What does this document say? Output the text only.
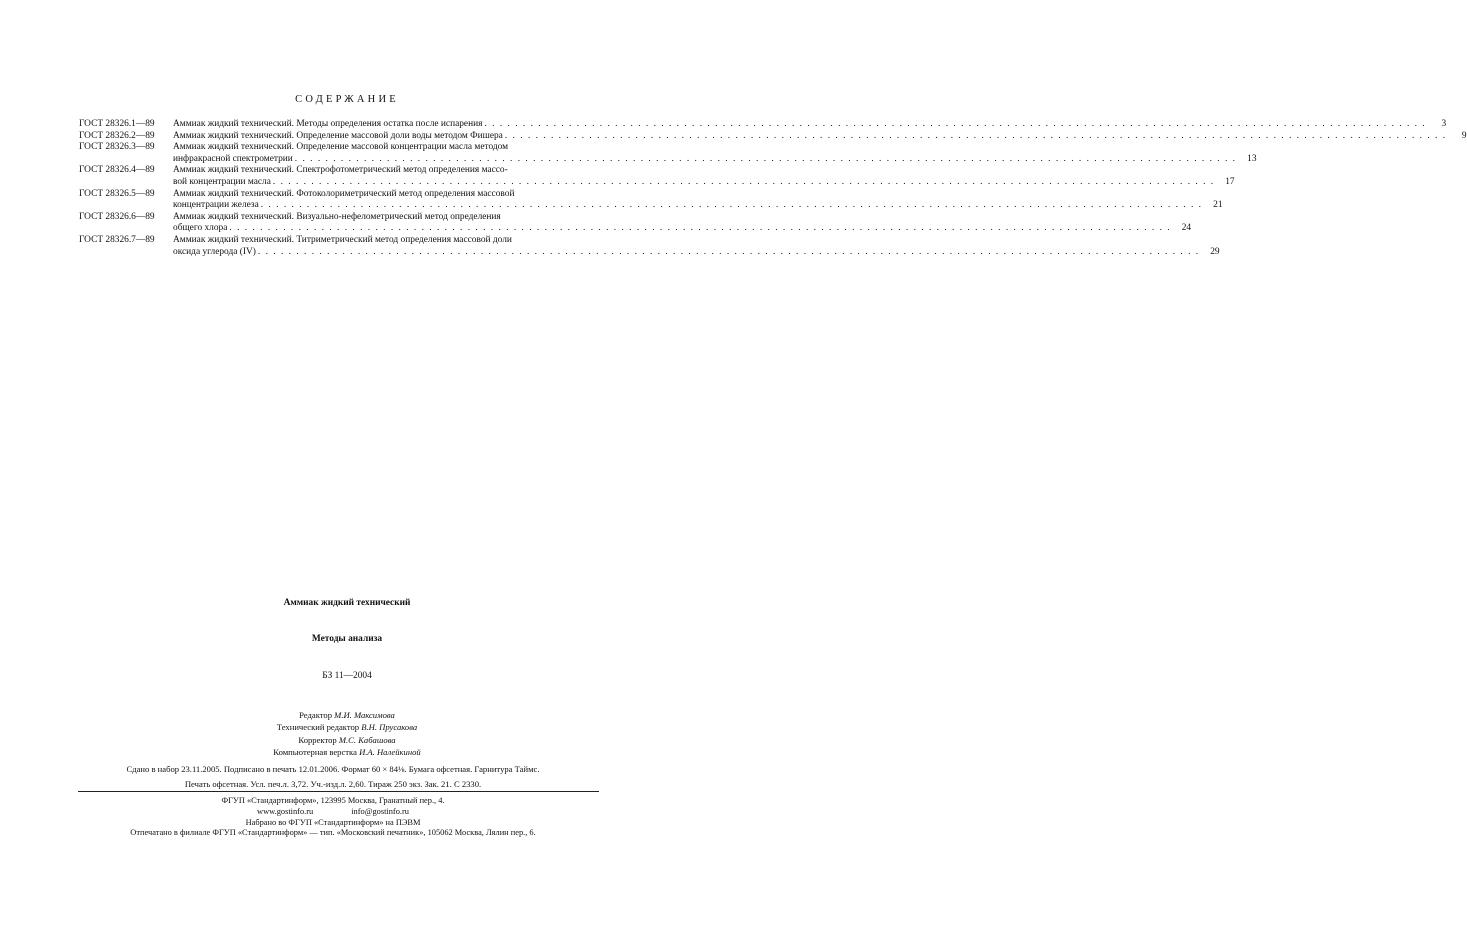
СОДЕРЖАНИЕ
ГОСТ 28326.1—89	Аммиак жидкий технический. Методы определения остатка после испарения . . .	3
ГОСТ 28326.2—89	Аммиак жидкий технический. Определение массовой доли воды методом Фишера . . .	9
ГОСТ 28326.3—89	Аммиак жидкий технический. Определение массовой концентрации масла методом
инфракрасной спектрометрии . . .	13
ГОСТ 28326.4—89	Аммиак жидкий технический. Спектрофотометрический метод определения массо-
вой концентрации масла . . .	17
ГОСТ 28326.5—89	Аммиак жидкий технический. Фотоколориметрический метод определения массовой
концентрации железа . . .	21
ГОСТ 28326.6—89	Аммиак жидкий технический. Визуально-нефелометрический метод определения
общего хлора . . .	24
ГОСТ 28326.7—89	Аммиак жидкий технический. Титриметрический метод определения массовой доли
оксида углерода (IV) . . .	29
Аммиак жидкий технический
Методы анализа
БЗ 11—2004
Редактор М.И. Максимова
Технический редактор В.Н. Прусакова
Корректор М.С. Кабашова
Компьютерная верстка И.А. Налейкиной
Сдано в набор 23.11.2005. Подписано в печать 12.01.2006. Формат 60 × 84⅛. Бумага офсетная. Гарнитура Таймс.
Печать офсетная. Усл. печ.л. 3,72. Уч.-изд.л. 2,60. Тираж 250 экз. Зак. 21. С 2330.
ФГУП «Стандартинформ», 123995 Москва, Гранатный пер., 4.
www.gostinfo.ru	info@gostinfo.ru
Набрано во ФГУП «Стандартинформ» на ПЭВМ
Отпечатано в филиале ФГУП «Стандартинформ» — тип. «Московский печатник», 105062 Москва, Лялин пер., 6.
